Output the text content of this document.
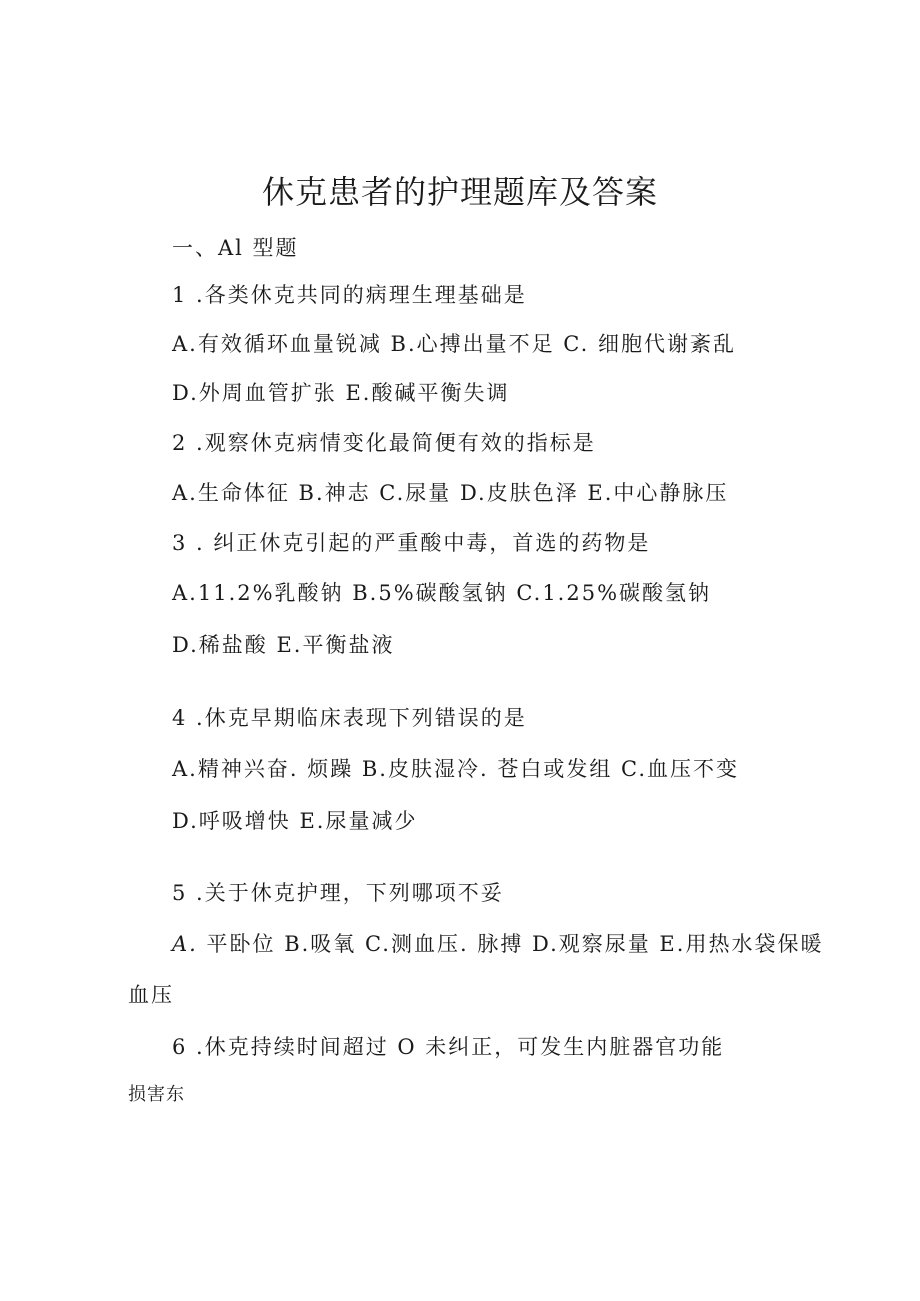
休克患者的护理题库及答案
一、Al 型题
1 .各类休克共同的病理生理基础是
A.有效循环血量锐减 B.心搏出量不足 C. 细胞代谢紊乱
D.外周血管扩张 E.酸碱平衡失调
2 .观察休克病情变化最简便有效的指标是
A.生命体征 B.神志 C.尿量 D.皮肤色泽 E.中心静脉压
3 . 纠正休克引起的严重酸中毒，首选的药物是
A.11.2%乳酸钠 B.5%碳酸氢钠 C.1.25%碳酸氢钠
D.稀盐酸 E.平衡盐液
4 .休克早期临床表现下列错误的是
A.精神兴奋. 烦躁 B.皮肤湿冷. 苍白或发组 C.血压不变
D.呼吸增快 E.尿量减少
5 .关于休克护理，下列哪项不妥
A. 平卧位 B.吸氧 C.测血压. 脉搏 D.观察尿量 E.用热水袋保暖
血压
6 .休克持续时间超过 O 未纠正，可发生内脏器官功能
损害东
